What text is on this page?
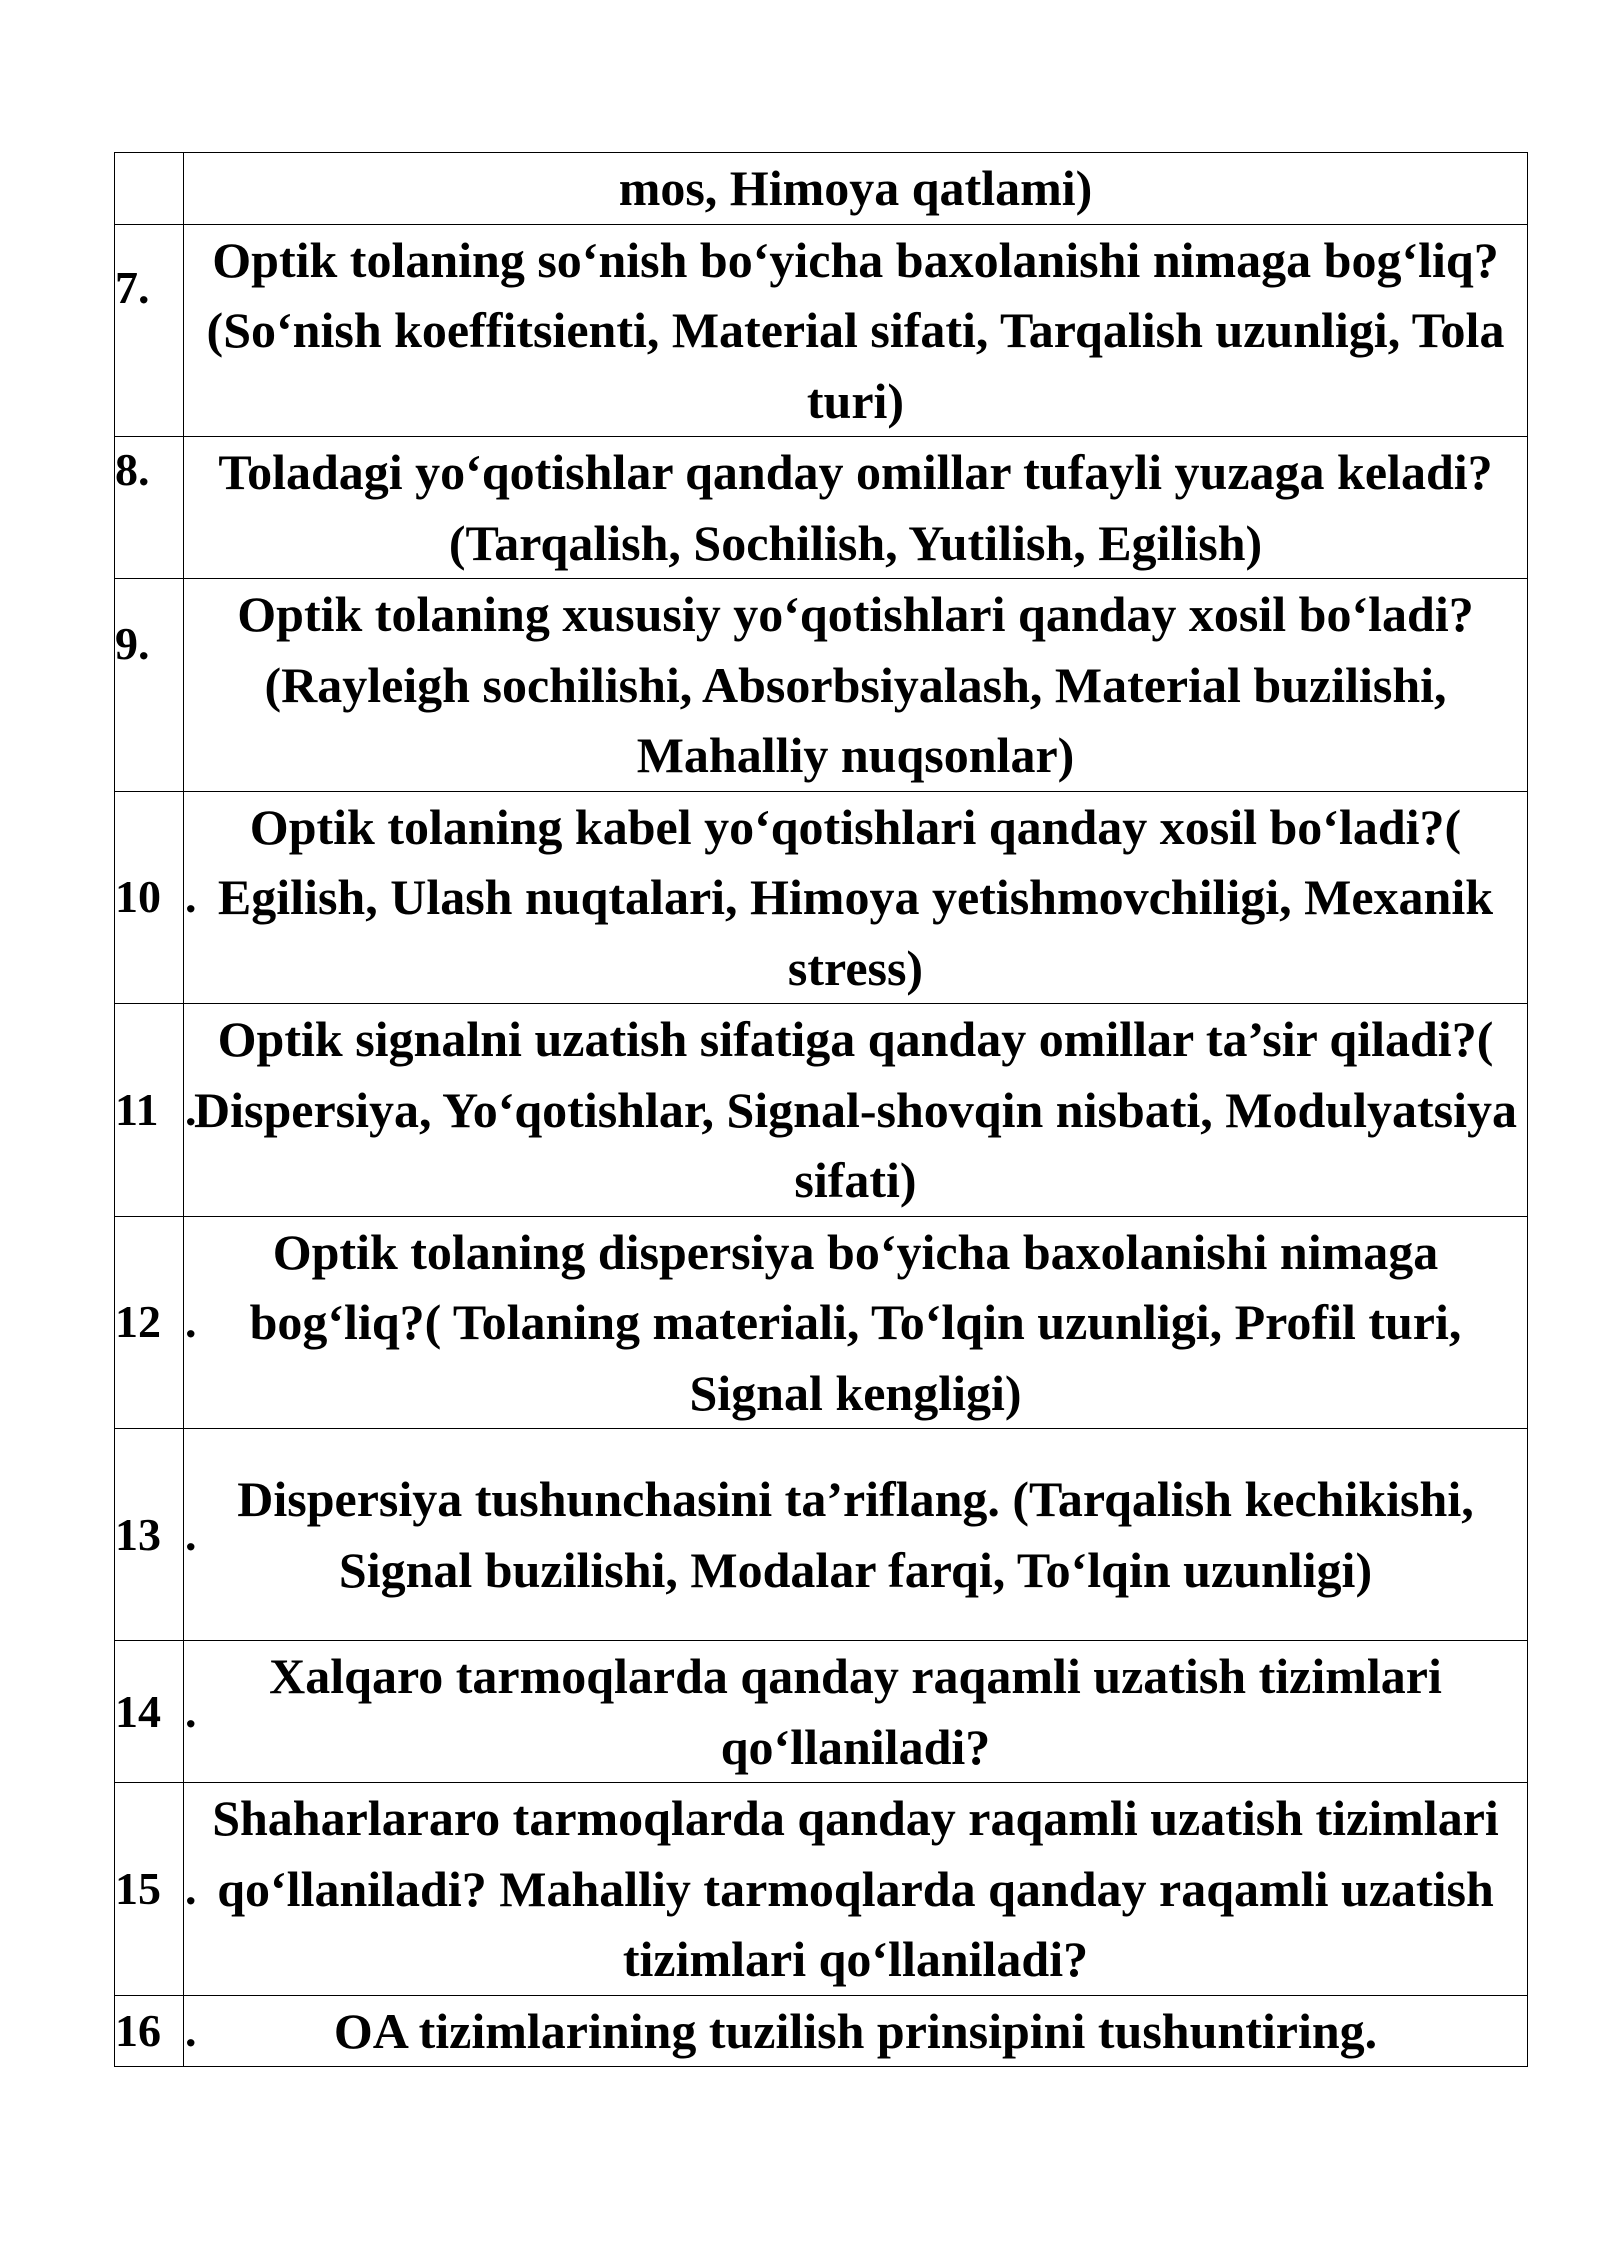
	mos, Himoya qatlami)
7.	Optik tolaning so‘nish bo‘yicha baxolanishi nimaga bog‘liq? (So‘nish koeffitsienti, Material sifati, Tarqalish uzunligi, Tola turi)
8.	Toladagi yo‘qotishlar qanday omillar tufayli yuzaga keladi? (Tarqalish, Sochilish, Yutilish, Egilish)
9.	Optik tolaning xususiy yo‘qotishlari qanday xosil bo‘ladi? (Rayleigh sochilishi, Absorbsiyalash, Material buzilishi, Mahalliy nuqsonlar)
10 .	Optik tolaning kabel yo‘qotishlari qanday xosil bo‘ladi?( Egilish, Ulash nuqtalari, Himoya yetishmovchiligi, Mexanik stress)
11 .	Optik signalni uzatish sifatiga qanday omillar ta’sir qiladi?( Dispersiya, Yo‘qotishlar, Signal-shovqin nisbati, Modulyatsiya sifati)
12 .	Optik tolaning dispersiya bo‘yicha baxolanishi nimaga bog‘liq?( Tolaning materiali, To‘lqin uzunligi, Profil turi, Signal kengligi)
13 .	Dispersiya tushunchasini ta’riflang. (Tarqalish kechikishi, Signal buzilishi, Modalar farqi, To‘lqin uzunligi)
14 .	Xalqaro tarmoqlarda qanday raqamli uzatish tizimlari qo‘llaniladi?
15 .	Shaharlararo tarmoqlarda qanday raqamli uzatish tizimlari qo‘llaniladi? Mahalliy tarmoqlarda qanday raqamli uzatish tizimlari qo‘llaniladi?
16 .	OA tizimlarining tuzilish prinsipini tushuntiring.
